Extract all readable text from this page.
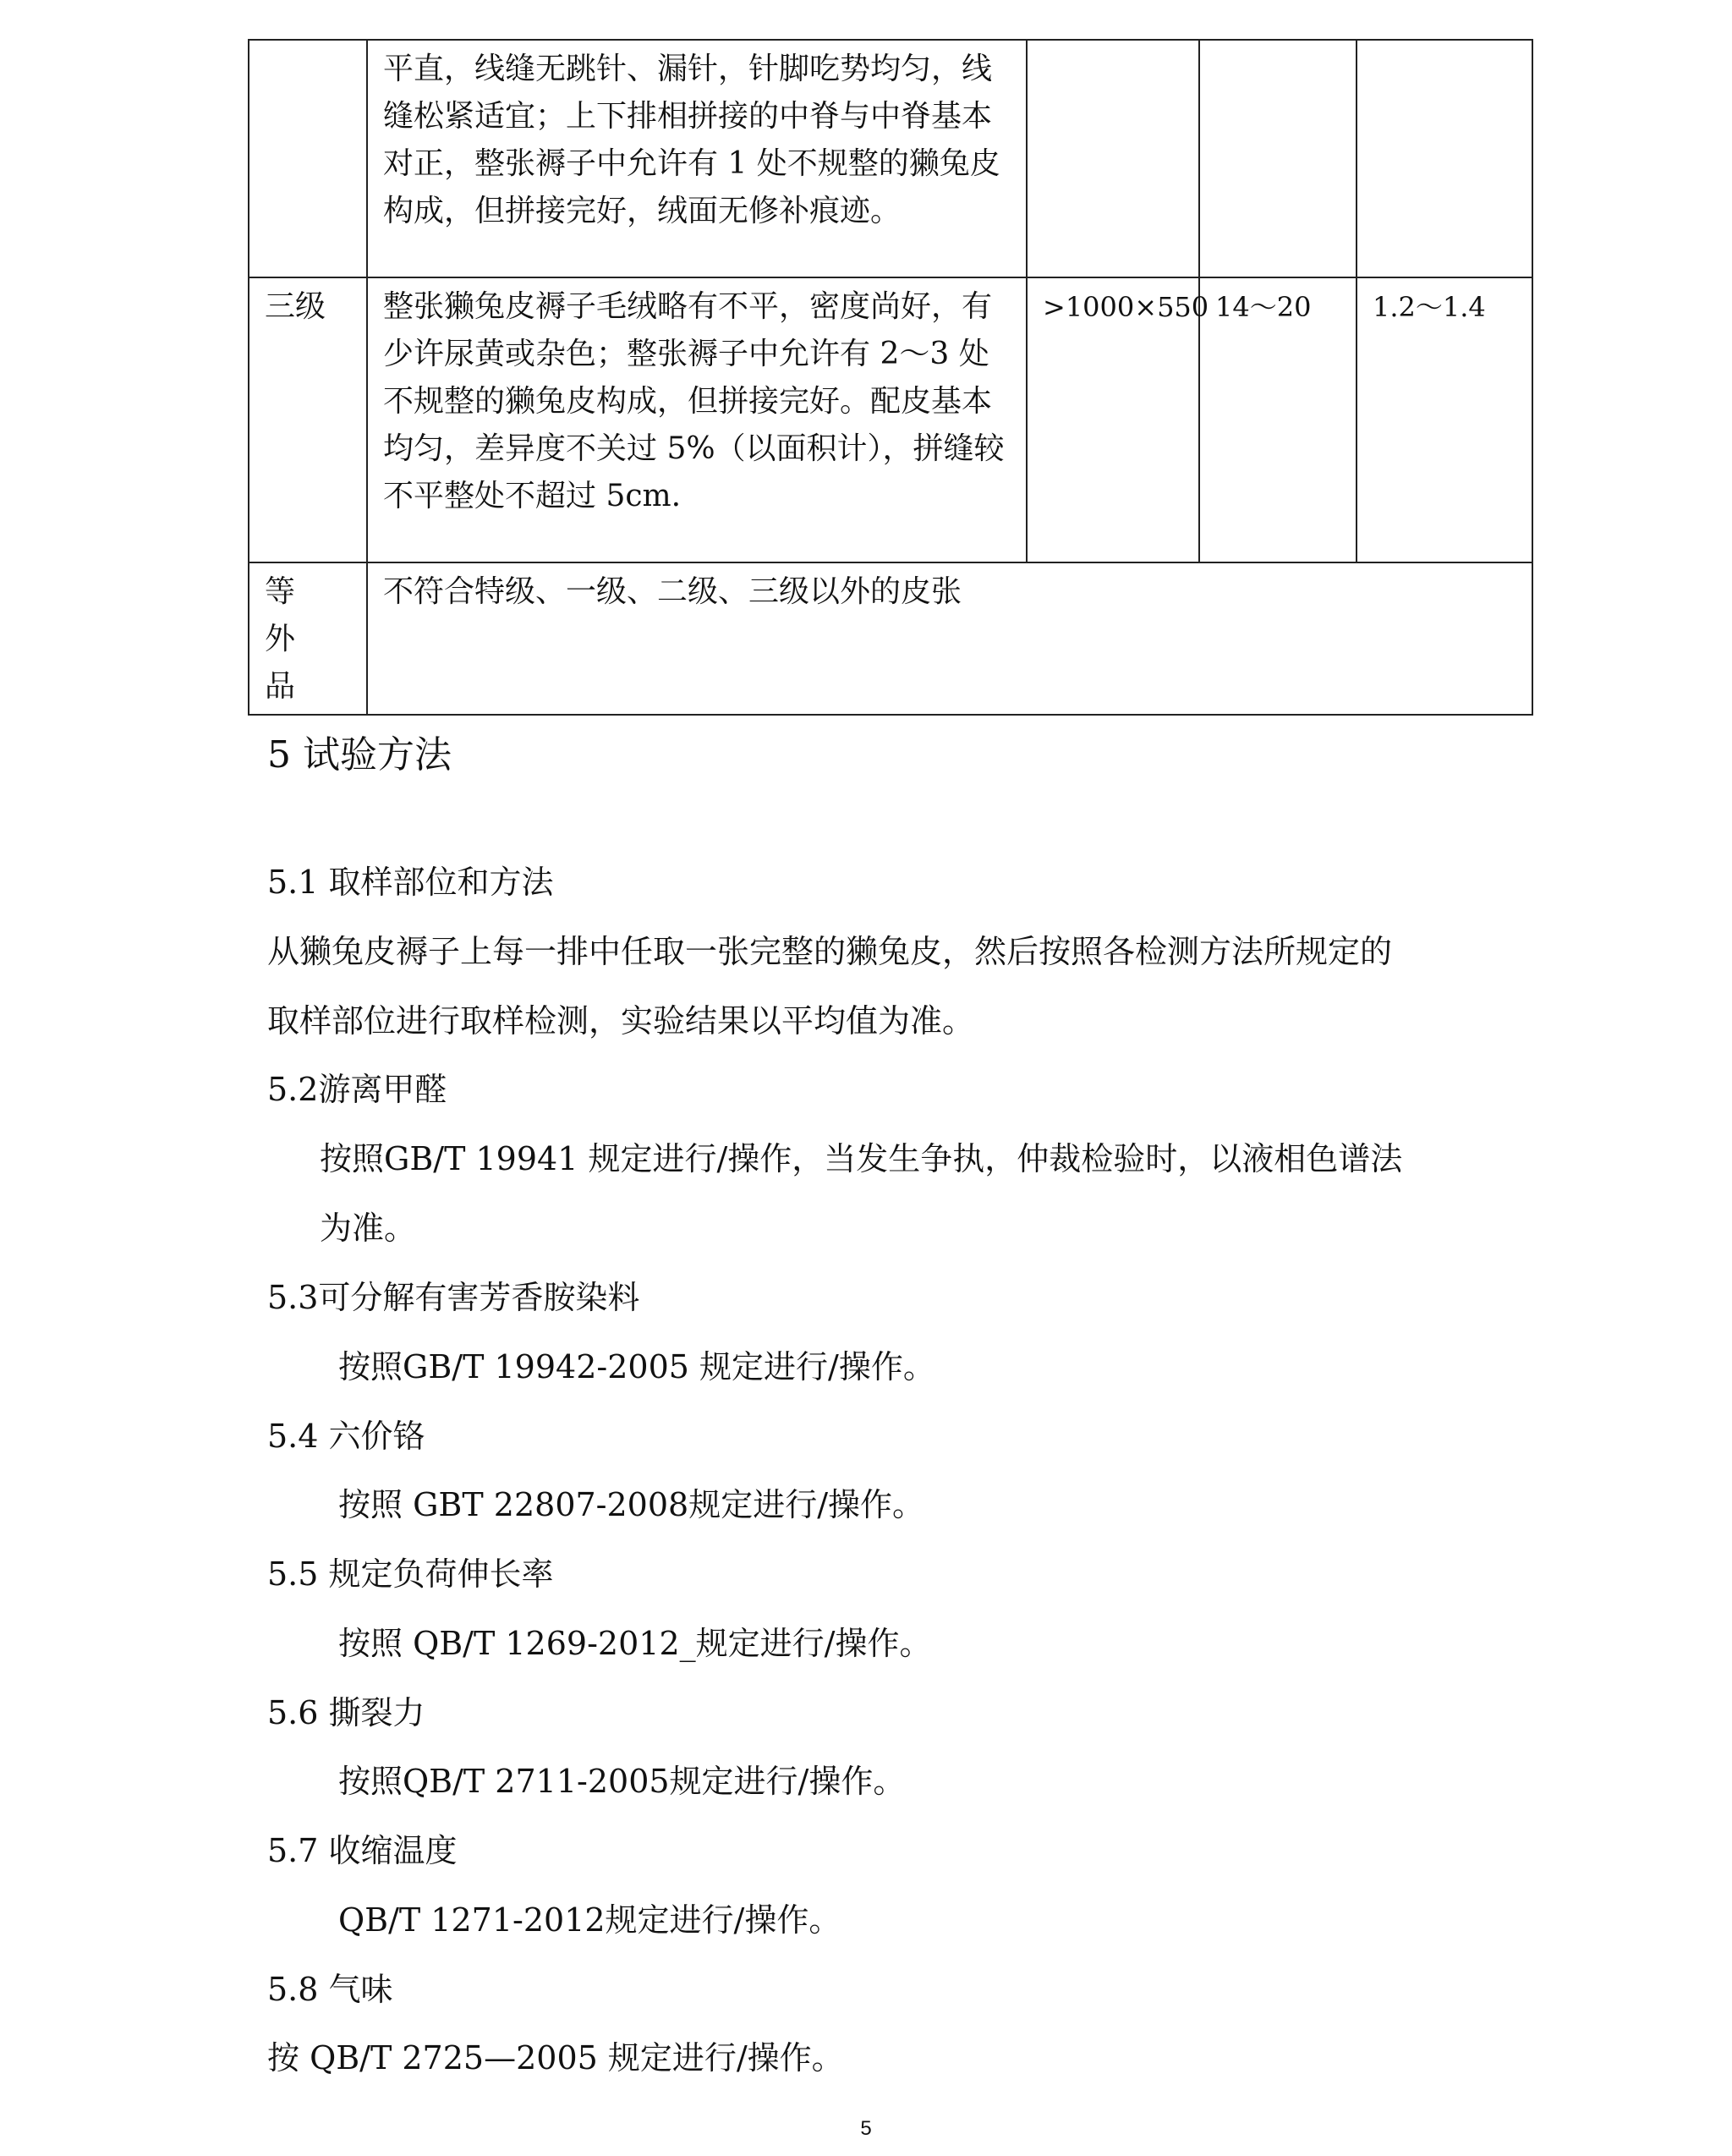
	平直，线缝无跳针、漏针，针脚吃势均匀，线缝松紧适宜；上下排相拼接的中脊与中脊基本对正，整张褥子中允许有 1 处不规整的獭兔皮构成，但拼接完好，绒面无修补痕迹。			
三级	整张獭兔皮褥子毛绒略有不平，密度尚好，有少许尿黄或杂色；整张褥子中允许有 2～3 处不规整的獭兔皮构成，但拼接完好。配皮基本均匀，差异度不关过 5%（以面积计），拼缝较不平整处不超过 5cm.	>1000×550	14～20	1.2～1.4
等 外 品	不符合特级、一级、二级、三级以外的皮张			
5 试验方法
5.1 取样部位和方法
从獭兔皮褥子上每一排中任取一张完整的獭兔皮，然后按照各检测方法所规定的
取样部位进行取样检测，实验结果以平均值为准。
5.2游离甲醛
按照GB/T 19941 规定进行/操作，当发生争执，仲裁检验时，以液相色谱法
为准。
5.3可分解有害芳香胺染料
按照GB/T 19942-2005 规定进行/操作。
5.4 六价铬
按照 GBT 22807-2008规定进行/操作。
5.5 规定负荷伸长率
按照 QB/T 1269-2012_规定进行/操作。
5.6 撕裂力
按照QB/T 2711-2005规定进行/操作。
5.7 收缩温度
QB/T 1271-2012规定进行/操作。
5.8 气味
按 QB/T 2725—2005 规定进行/操作。
5
